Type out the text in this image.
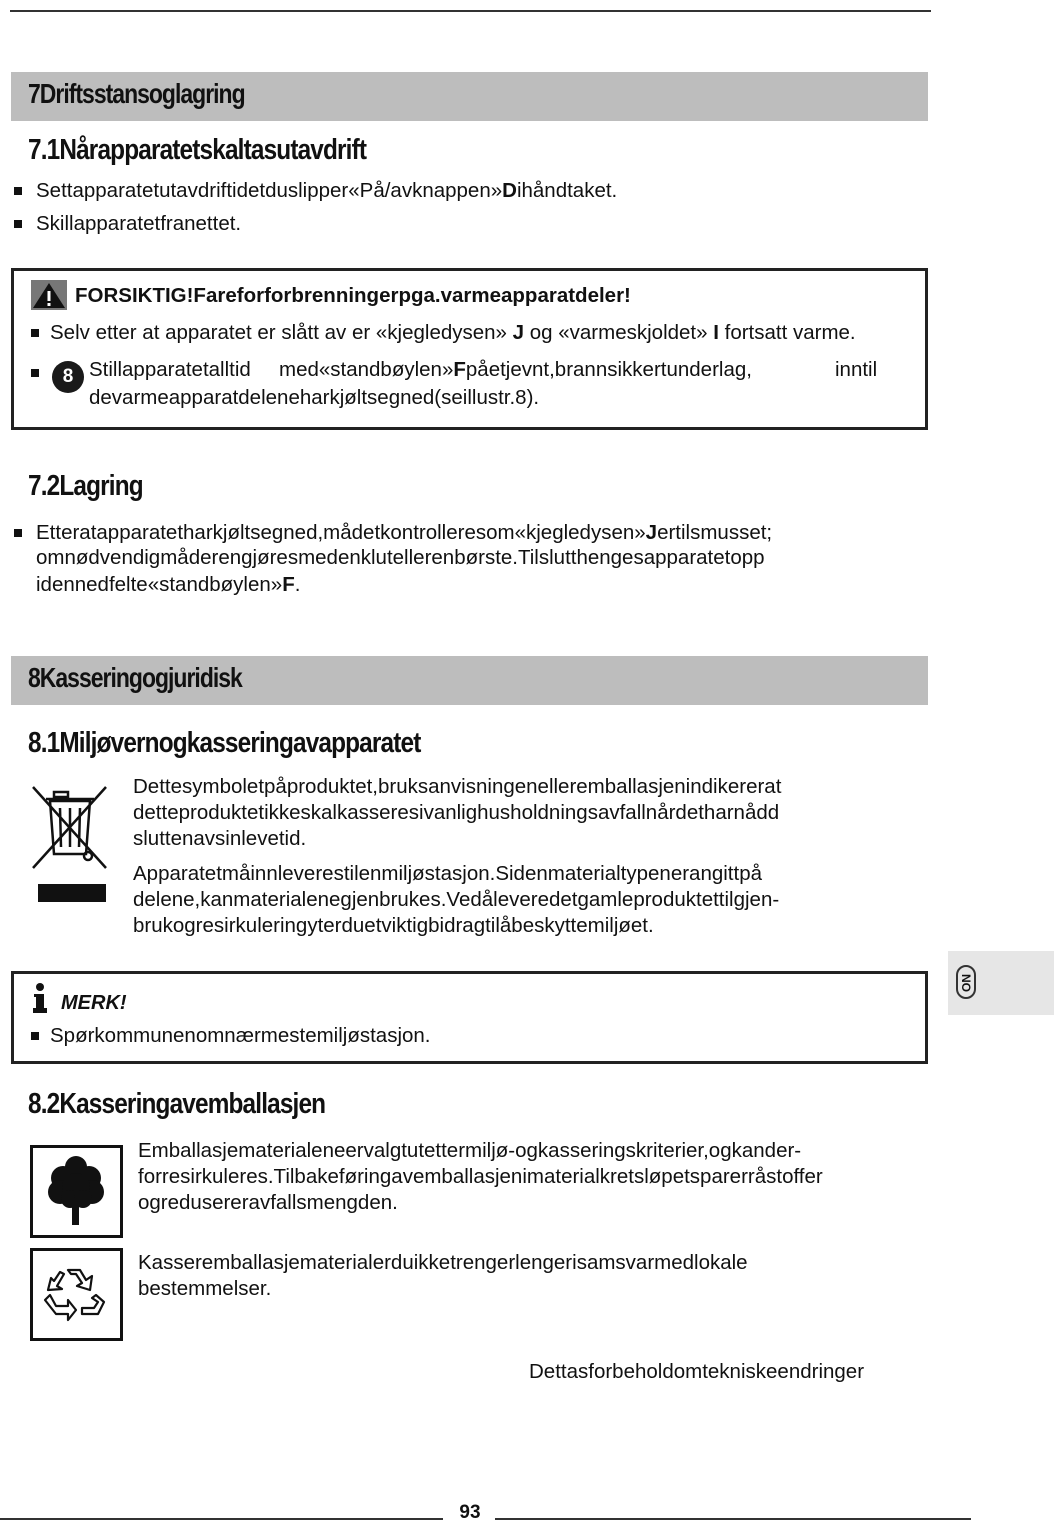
7Driftsstansoglagring
7.1Nårapparatetskaltasutavdrift
Settapparatetutavdriftidetduslipper«På/avknappen»Dihåndtaket.
Skillapparatetfranettet.
FORSIKTIG!Fareforforbrenningerpga.varmeapparatdeler!
Selv etter at apparatet er slått av er «kjegledysen» J og «varmeskjoldet» I fortsatt varme.
8 Stillapparatetalltid med«standbøylen»Fpåetjevnt,brannsikkertunderlag,	inntil
devarmeapparatdeleneharkjøltsegned(seillustr.8).
7.2Lagring
Etteratapparatetharkjøltsegned,mådetkontrolleresom«kjegledysen»Jertilsmusset;
omnødvendigmåderengjøresmedenklutellerenbørste.Tilslutthengesapparatetopp
idennedfelte«standbøylen»F.
8Kasseringogjuridisk
8.1Miljøvernogkasseringavapparatet
Dettesymboletpåproduktet,bruksanvisningenelleremballasjenindikererat
detteproduktetikkeskalkasseresivanlighusholdningsavfallnårdetharnådd
sluttenavsinlevetid.
Apparatetmåinnleverestilenmiljøstasjon.Sidenmaterialtypenerangittpå
delene,kanmaterialenegjenbrukes.Vedåleveredetgamleproduktettilgjen-
brukogresirkuleringyterduetviktigbidragtilåbeskyttemiljøet.
MERK!
Spørkommunenomnærmestemiljøstasjon.
NO
8.2Kasseringavemballasjen
Emballasjematerialeneervalgtutettermiljø-ogkasseringskriterier,ogkander-
forresirkuleres.Tilbakeføringavemballasjenimaterialkretsløpetsparerråstoffer
ogredusereravfallsmengden.
Kasseremballasjematerialerduikketrengerlengerisamsvarmedlokale
bestemmelser.
Dettasforbeholdomtekniskeendringer
93
